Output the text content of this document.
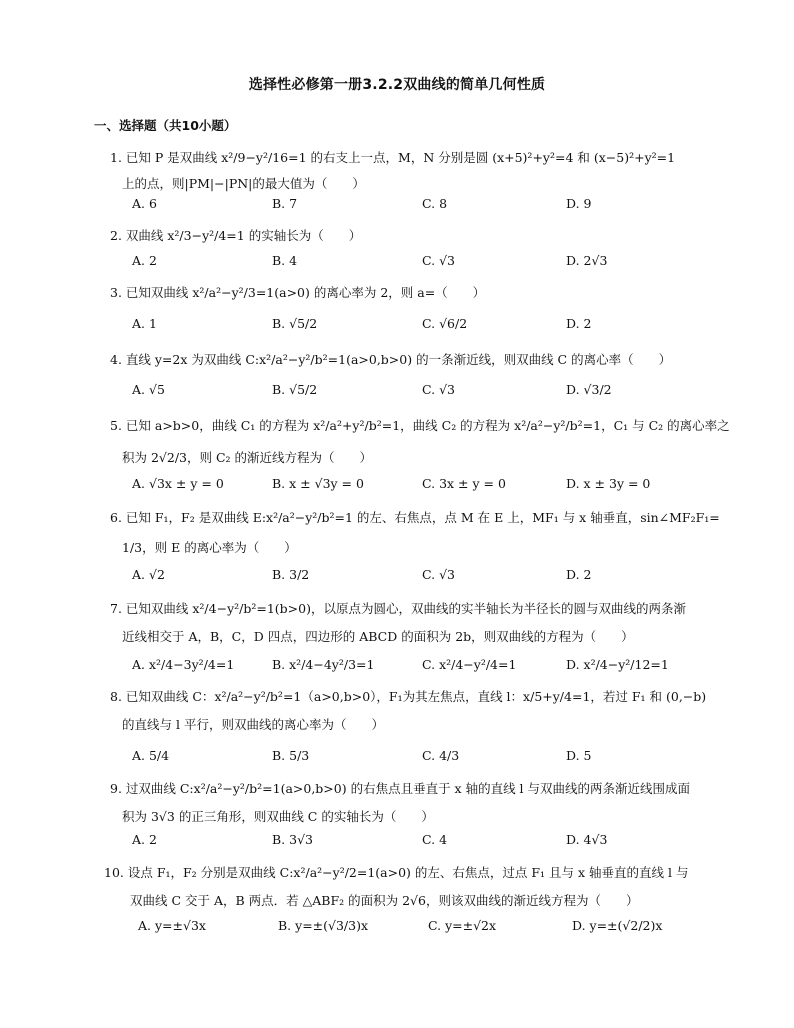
选择性必修第一册3.2.2双曲线的简单几何性质
一、选择题（共10小题）
1. 已知 P 是双曲线 x²/9−y²/16=1 的右支上一点，M，N 分别是圆 (x+5)²+y²=4 和 (x−5)²+y²=1
上的点，则|PM|−|PN|的最大值为（　　）
A. 6	B. 7	C. 8	D. 9
2. 双曲线 x²/3−y²/4=1 的实轴长为（　　）
A. 2	B. 4	C. √3	D. 2√3
3. 已知双曲线 x²/a²−y²/3=1(a>0) 的离心率为 2，则 a=（　　）
A. 1	B. √5/2	C. √6/2	D. 2
4. 直线 y=2x 为双曲线 C:x²/a²−y²/b²=1(a>0,b>0) 的一条渐近线，则双曲线 C 的离心率（　　）
A. √5	B. √5/2	C. √3	D. √3/2
5. 已知 a>b>0，曲线 C₁ 的方程为 x²/a²+y²/b²=1，曲线 C₂ 的方程为 x²/a²−y²/b²=1，C₁ 与 C₂ 的离心率之
积为 2√2/3，则 C₂ 的渐近线方程为（　　）
A. √3x ± y = 0	B. x ± √3y = 0	C. 3x ± y = 0	D. x ± 3y = 0
6. 已知 F₁，F₂ 是双曲线 E:x²/a²−y²/b²=1 的左、右焦点，点 M 在 E 上，MF₁ 与 x 轴垂直，sin∠MF₂F₁=
1/3，则 E 的离心率为（　　）
A. √2	B. 3/2	C. √3	D. 2
7. 已知双曲线 x²/4−y²/b²=1(b>0)，以原点为圆心，双曲线的实半轴长为半径长的圆与双曲线的两条渐
近线相交于 A，B，C，D 四点，四边形的 ABCD 的面积为 2b，则双曲线的方程为（　　）
A. x²/4−3y²/4=1	B. x²/4−4y²/3=1	C. x²/4−y²/4=1	D. x²/4−y²/12=1
8. 已知双曲线 C：x²/a²−y²/b²=1（a>0,b>0），F₁为其左焦点，直线 l：x/5+y/4=1，若过 F₁ 和 (0,−b)
的直线与 l 平行，则双曲线的离心率为（　　）
A. 5/4	B. 5/3	C. 4/3	D. 5
9. 过双曲线 C:x²/a²−y²/b²=1(a>0,b>0) 的右焦点且垂直于 x 轴的直线 l 与双曲线的两条渐近线围成面
积为 3√3 的正三角形，则双曲线 C 的实轴长为（　　）
A. 2	B. 3√3	C. 4	D. 4√3
10. 设点 F₁，F₂ 分别是双曲线 C:x²/a²−y²/2=1(a>0) 的左、右焦点，过点 F₁ 且与 x 轴垂直的直线 l 与
双曲线 C 交于 A，B 两点．若 △ABF₂ 的面积为 2√6，则该双曲线的渐近线方程为（　　）
A. y=±√3x	B. y=±(√3/3)x	C. y=±√2x	D. y=±(√2/2)x
